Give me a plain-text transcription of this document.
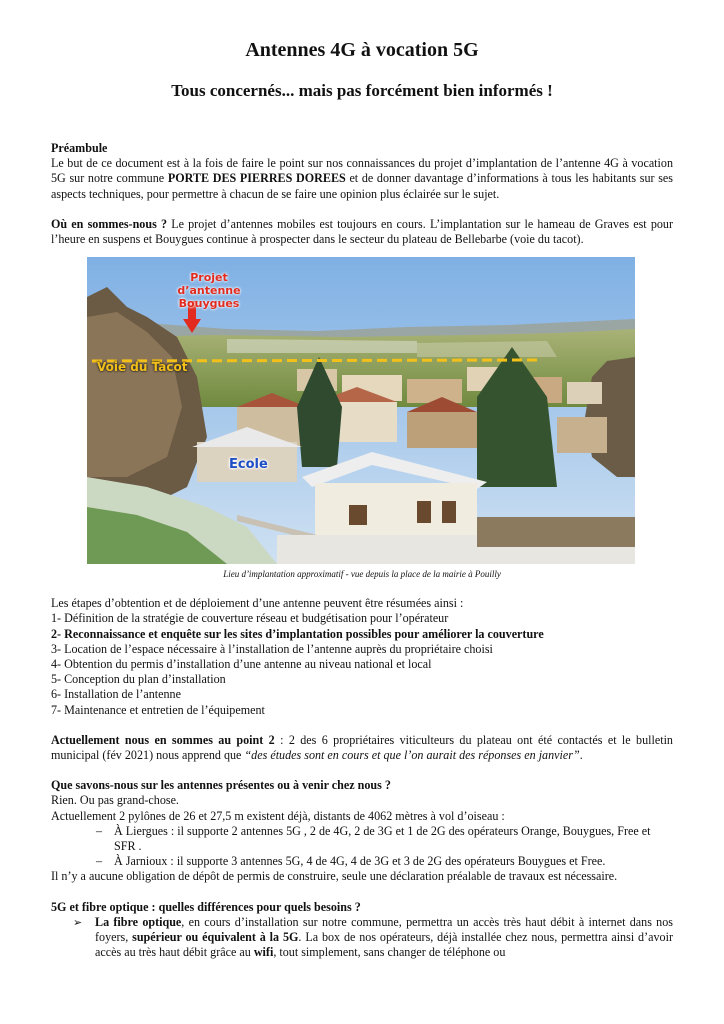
Antennes 4G à vocation 5G
Tous concernés... mais pas forcément bien informés !

Préambule

Le but de ce document est à la fois de faire le point sur nos connaissances du projet d’implantation de l’antenne 4G à vocation 5G sur notre commune PORTE DES PIERRES DOREES et de donner davantage d’informations à tous les habitants sur ses aspects techniques, pour permettre à chacun de se faire une opinion plus éclairée sur le sujet.

Où en sommes-nous ? Le projet d’antennes mobiles est toujours en cours. L’implantation sur le hameau de Graves est pour l’heure en suspens et Bouygues continue à prospecter dans le secteur du plateau de Bellebarbe (voie du tacot).

Projet
d’antenne Bouygues
Voie du Tacot
Ecole
Lieu d’implantation approximatif - vue depuis la place de la mairie à Pouilly

Les étapes d’obtention et de déploiement d’une antenne peuvent être résumées ainsi :

1- Définition de la stratégie de couverture réseau et budgétisation pour l’opérateur

2- Reconnaissance et enquête sur les sites d’implantation possibles pour améliorer la couverture

3- Location de l’espace nécessaire à l’installation de l’antenne auprès du propriétaire choisi

4- Obtention du permis d’installation d’une antenne au niveau national et local

5- Conception du plan d’installation

6- Installation de l’antenne

7- Maintenance et entretien de l’équipement

Actuellement nous en sommes au point 2 : 2 des 6 propriétaires viticulteurs du plateau ont été contactés et le bulletin municipal (fév 2021) nous apprend que “des études sont en cours et que l’on aurait des réponses en janvier”.

Que savons-nous sur les antennes présentes ou à venir chez nous ?

Rien. Ou pas grand-chose.

Actuellement 2 pylônes de 26 et 27,5 m existent déjà, distants de 4062 mètres à vol d’oiseau :

– À Liergues : il supporte 2 antennes 5G , 2 de 4G, 2 de 3G et 1 de 2G des opérateurs Orange, Bouygues, Free et SFR .
– À Jarnioux : il supporte 3 antennes 5G, 4 de 4G, 4 de 3G et 3 de 2G des opérateurs Bouygues et Free.

Il n’y a aucune obligation de dépôt de permis de construire, seule une déclaration préalable de travaux est nécessaire.

5G et fibre optique : quelles différences pour quels besoins ?

➢ La fibre optique, en cours d’installation sur notre commune, permettra un accès très haut débit à internet dans nos foyers, supérieur ou équivalent à la 5G. La box de nos opérateurs, déjà installée chez nous, permettra ainsi d’avoir accès au très haut débit grâce au wifi, tout simplement, sans changer de téléphone ou
